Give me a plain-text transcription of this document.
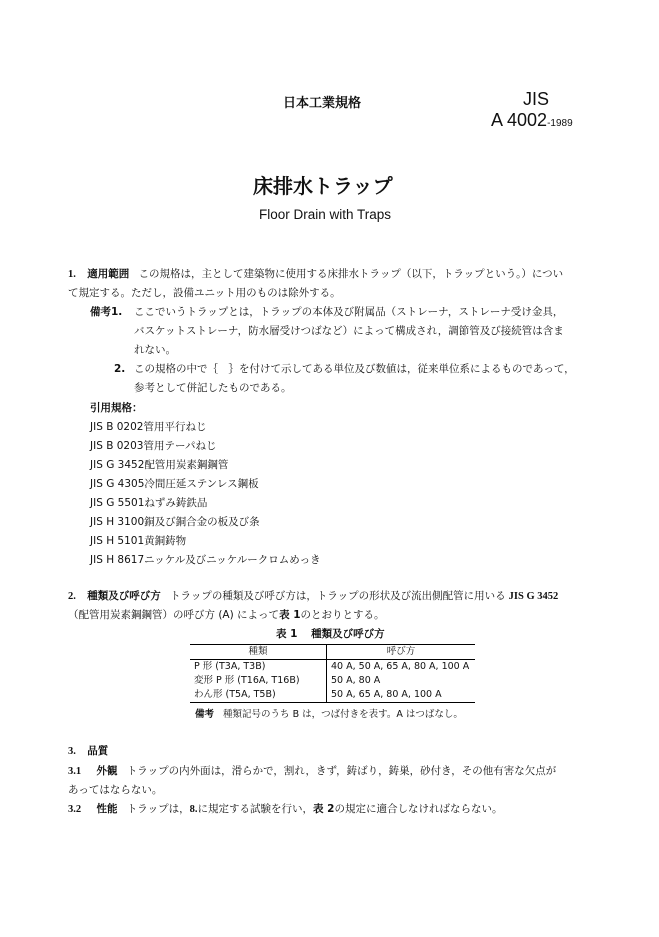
日本工業規格	JIS
A 4002-1989
床排水トラップ
Floor Drain with Traps
1. 適用範囲 この規格は，主として建築物に使用する床排水トラップ（以下，トラップという。）につい
て規定する。ただし，設備ユニット用のものは除外する。
備考1. ここでいうトラップとは，トラップの本体及び附属品（ストレーナ，ストレーナ受け金具，
バスケットストレーナ，防水層受けつばなど）によって構成され，調節管及び接続管は含ま
れない。
2. この規格の中で｛　｝を付けて示してある単位及び数値は，従来単位系によるものであって，
参考として併記したものである。
引用規格：
JIS B 0202管用平行ねじ
JIS B 0203管用テーパねじ
JIS G 3452配管用炭素鋼鋼管
JIS G 4305冷間圧延ステンレス鋼板
JIS G 5501ねずみ鋳鉄品
JIS H 3100銅及び銅合金の板及び条
JIS H 5101黄銅鋳物
JIS H 8617ニッケル及びニッケルークロムめっき
2. 種類及び呼び方 トラップの種類及び呼び方は，トラップの形状及び流出側配管に用いる JIS G 3452
（配管用炭素鋼鋼管）の呼び方 (A) によって表 1のとおりとする。
表 1 種類及び呼び方
種類	呼び方
P 形 (T3A, T3B)	40 A, 50 A, 65 A, 80 A, 100 A
変形 P 形 (T16A, T16B)	50 A, 80 A
わん形 (T5A, T5B)	50 A, 65 A, 80 A, 100 A
備考 種類記号のうち B は，つば付きを表す。A はつばなし。
3. 品質
3.1 外観 トラップの内外面は，滑らかで，割れ，きず，鋳ばり，鋳巣，砂付き，その他有害な欠点が
あってはならない。
3.2 性能 トラップは，8.に規定する試験を行い，表 2の規定に適合しなければならない。
